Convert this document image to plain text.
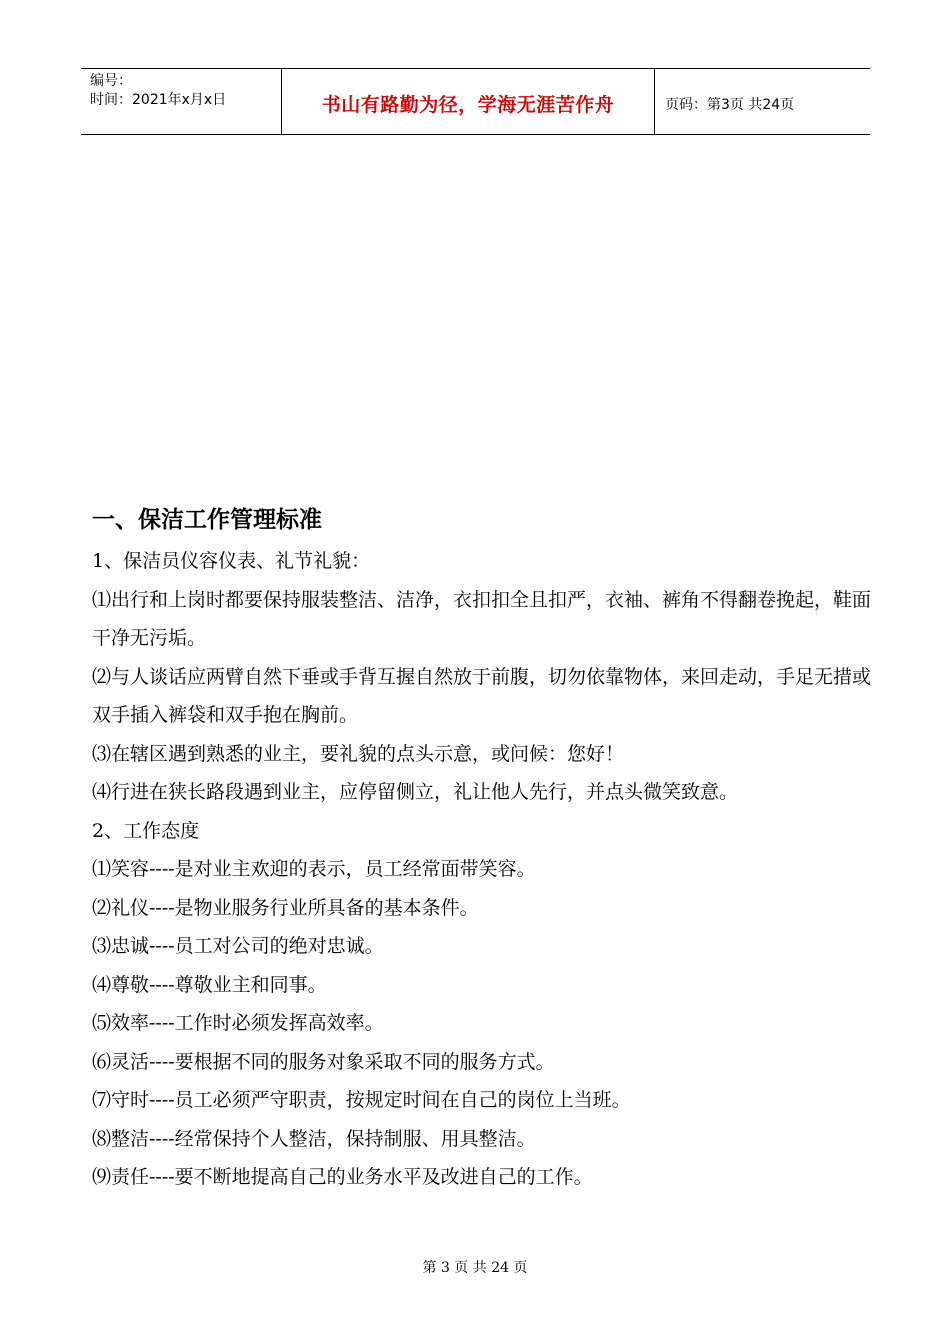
编号：
时间：2021年x月x日	书山有路勤为径，学海无涯苦作舟	页码：第3页 共24页
一、保洁工作管理标准

1、保洁员仪容仪表、礼节礼貌：

⑴出行和上岗时都要保持服装整洁、洁净，衣扣扣全且扣严，衣袖、裤角不得翻卷挽起，鞋面干净无污垢。

⑵与人谈话应两臂自然下垂或手背互握自然放于前腹，切勿依靠物体，来回走动，手足无措或双手插入裤袋和双手抱在胸前。

⑶在辖区遇到熟悉的业主，要礼貌的点头示意，或问候：您好！

⑷行进在狭长路段遇到业主，应停留侧立，礼让他人先行，并点头微笑致意。

2、工作态度

⑴笑容----是对业主欢迎的表示，员工经常面带笑容。

⑵礼仪----是物业服务行业所具备的基本条件。

⑶忠诚----员工对公司的绝对忠诚。

⑷尊敬----尊敬业主和同事。

⑸效率----工作时必须发挥高效率。

⑹灵活----要根据不同的服务对象采取不同的服务方式。

⑺守时----员工必须严守职责，按规定时间在自己的岗位上当班。

⑻整洁----经常保持个人整洁，保持制服、用具整洁。

⑼责任----要不断地提高自己的业务水平及改进自己的工作。

第 3 页 共 24 页
